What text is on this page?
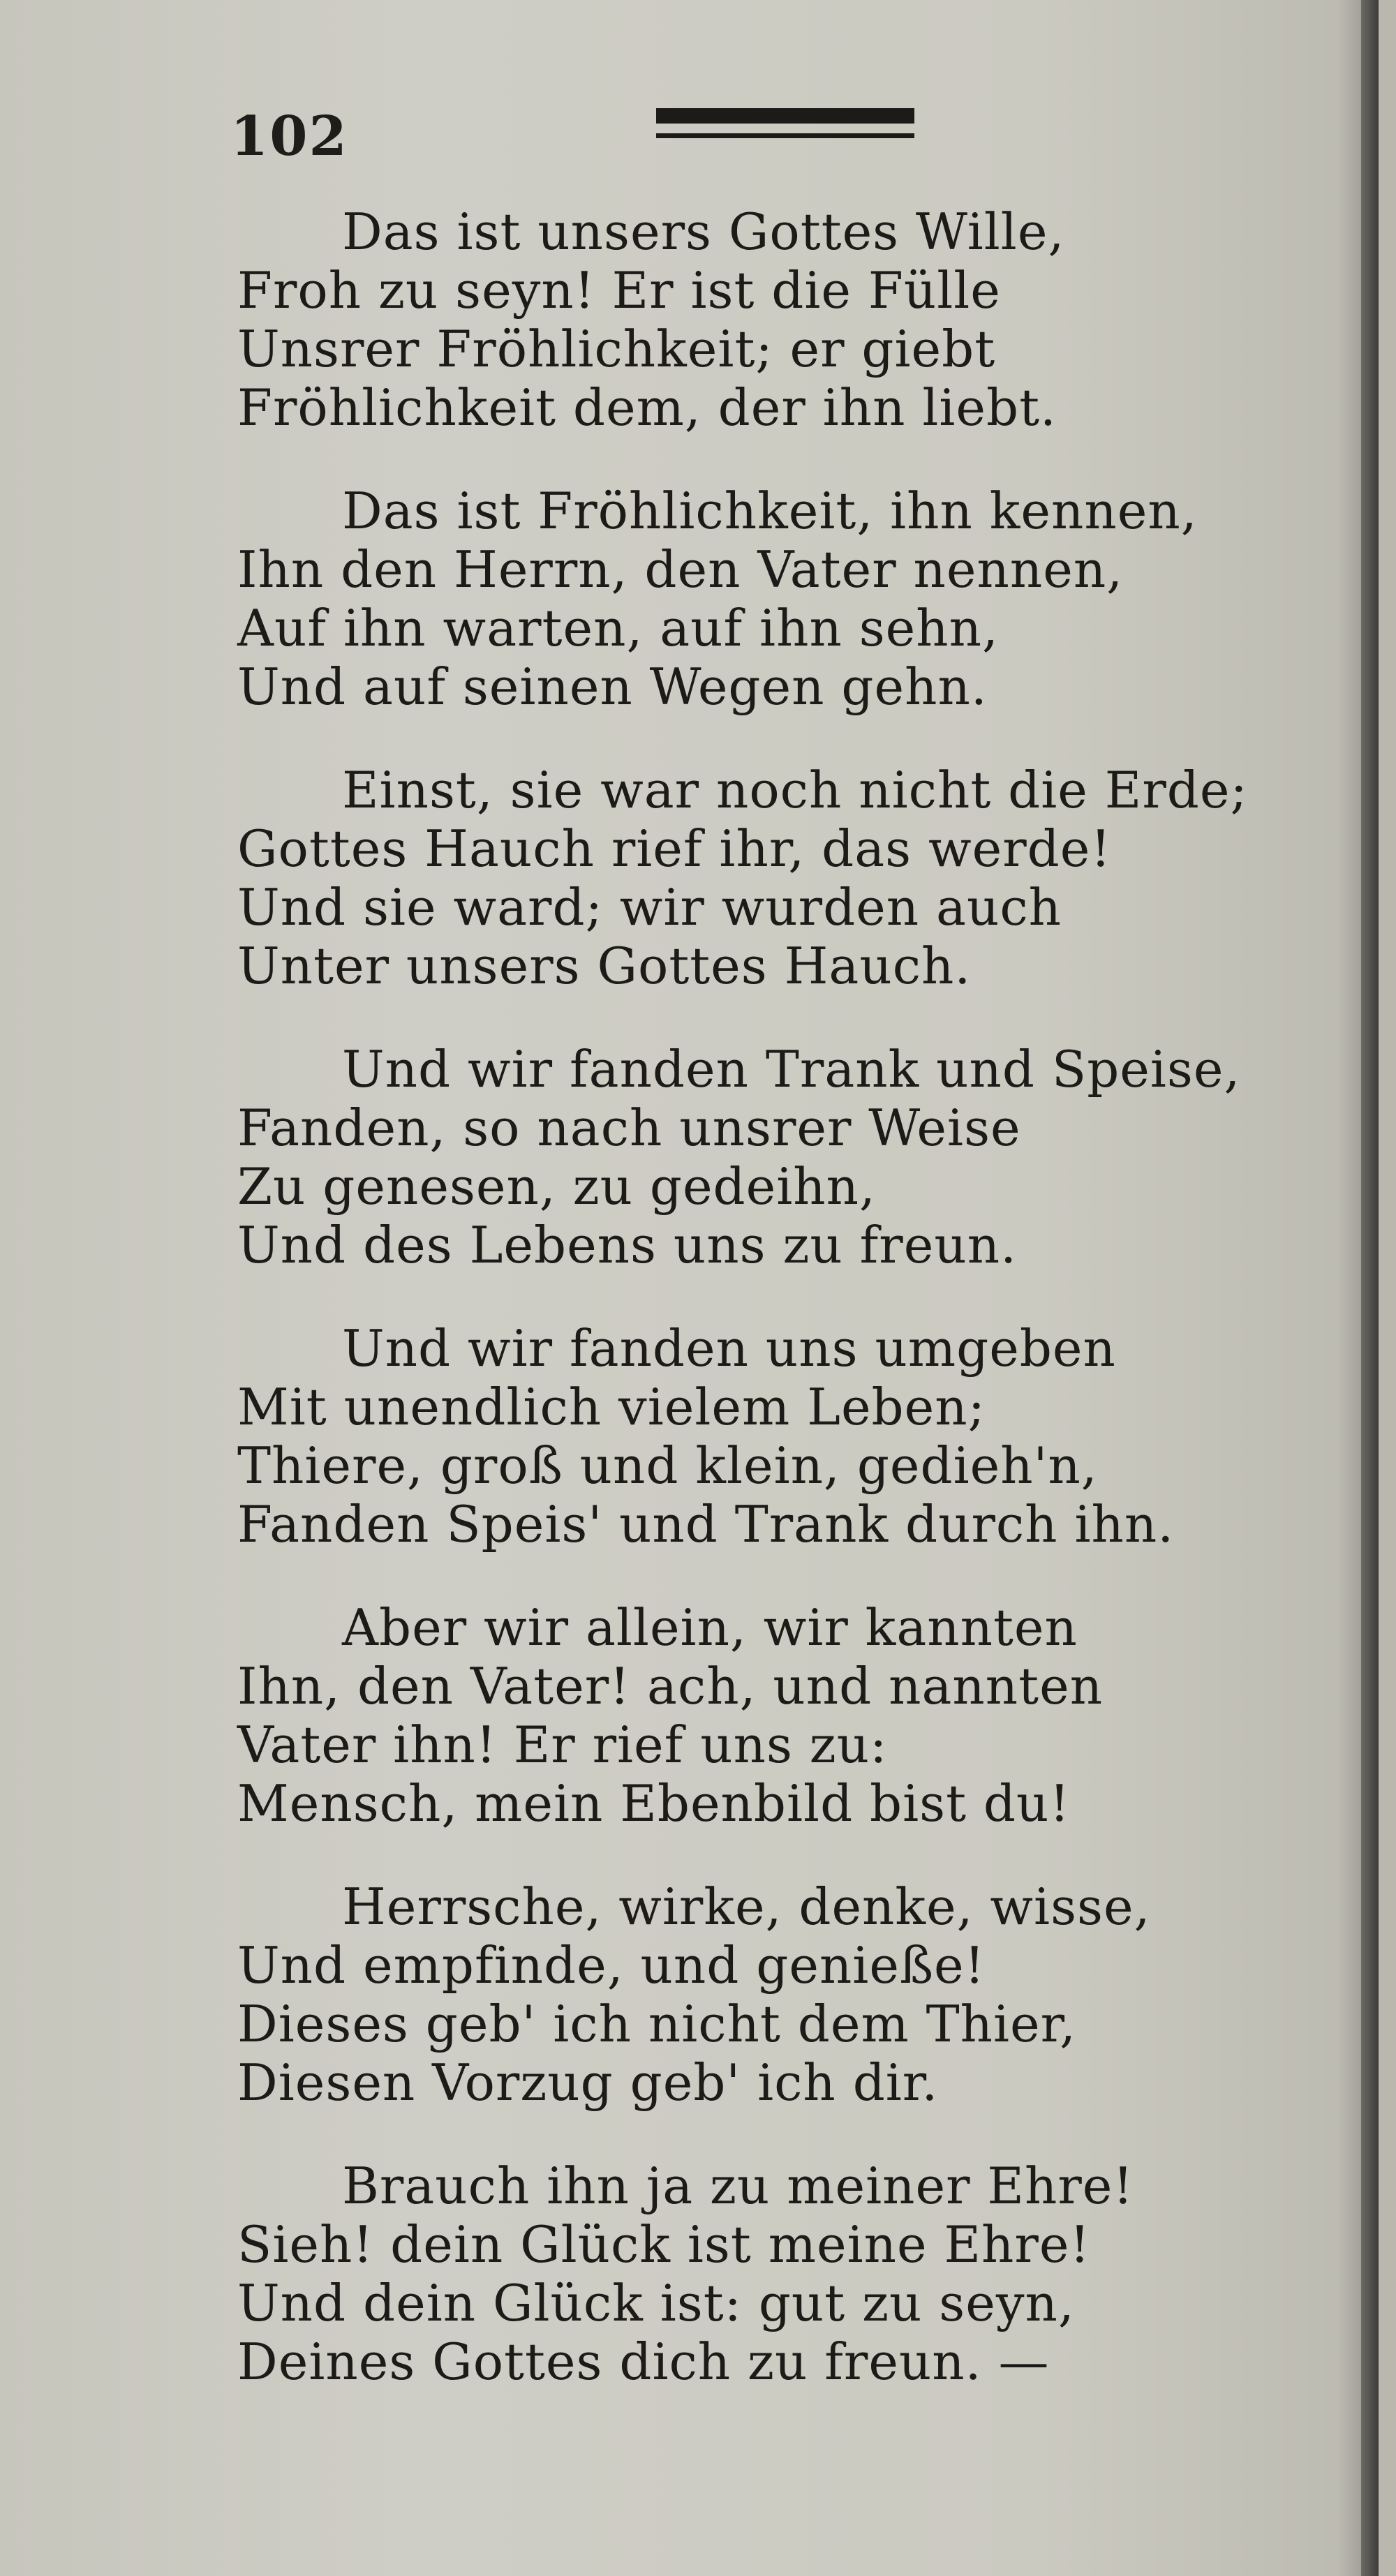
102
Das ist unsers Gottes Wille,
Froh zu seyn! Er ist die Fülle
Unsrer Fröhlichkeit; er giebt
Fröhlichkeit dem, der ihn liebt.
Das ist Fröhlichkeit, ihn kennen,
Ihn den Herrn, den Vater nennen,
Auf ihn warten, auf ihn sehn,
Und auf seinen Wegen gehn.
Einst, sie war noch nicht die Erde;
Gottes Hauch rief ihr, das werde!
Und sie ward; wir wurden auch
Unter unsers Gottes Hauch.
Und wir fanden Trank und Speise,
Fanden, so nach unsrer Weise
Zu genesen, zu gedeihn,
Und des Lebens uns zu freun.
Und wir fanden uns umgeben
Mit unendlich vielem Leben;
Thiere, groß und klein, gedieh'n,
Fanden Speis' und Trank durch ihn.
Aber wir allein, wir kannten
Ihn, den Vater! ach, und nannten
Vater ihn! Er rief uns zu:
Mensch, mein Ebenbild bist du!
Herrsche, wirke, denke, wisse,
Und empfinde, und genieße!
Dieses geb' ich nicht dem Thier,
Diesen Vorzug geb' ich dir.
Brauch ihn ja zu meiner Ehre!
Sieh! dein Glück ist meine Ehre!
Und dein Glück ist: gut zu seyn,
Deines Gottes dich zu freun. —
